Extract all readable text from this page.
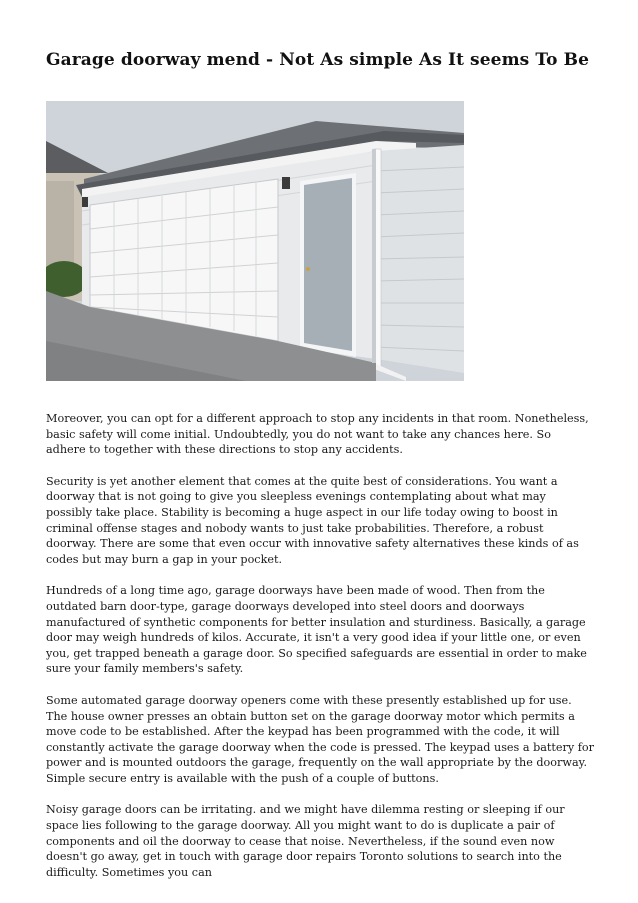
Garage doorway mend - Not As simple As It seems To Be

Moreover, you can opt for a different approach to stop any incidents in that room. Nonetheless, basic safety will come initial. Undoubtedly, you do not want to take any chances here. So adhere to together with these directions to stop any accidents.

Security is yet another element that comes at the quite best of considerations. You want a doorway that is not going to give you sleepless evenings contemplating about what may possibly take place. Stability is becoming a huge aspect in our life today owing to boost in criminal offense stages and nobody wants to just take probabilities. Therefore, a robust doorway. There are some that even occur with innovative safety alternatives these kinds of as codes but may burn a gap in your pocket.

Hundreds of a long time ago, garage doorways have been made of wood. Then from the outdated barn door-type, garage doorways developed into steel doors and doorways manufactured of synthetic components for better insulation and sturdiness. Basically, a garage door may weigh hundreds of kilos. Accurate, it isn't a very good idea if your little one, or even you, get trapped beneath a garage door. So specified safeguards are essential in order to make sure your family members's safety.

Some automated garage doorway openers come with these presently established up for use. The house owner presses an obtain button set on the garage doorway motor which permits a move code to be established. After the keypad has been programmed with the code, it will constantly activate the garage doorway when the code is pressed. The keypad uses a battery for power and is mounted outdoors the garage, frequently on the wall appropriate by the doorway. Simple secure entry is available with the push of a couple of buttons.

Noisy garage doors can be irritating. and we might have dilemma resting or sleeping if our space lies following to the garage doorway. All you might want to do is duplicate a pair of components and oil the doorway to cease that noise. Nevertheless, if the sound even now doesn't go away, get in touch with garage door repairs Toronto solutions to search into the difficulty. Sometimes you can
